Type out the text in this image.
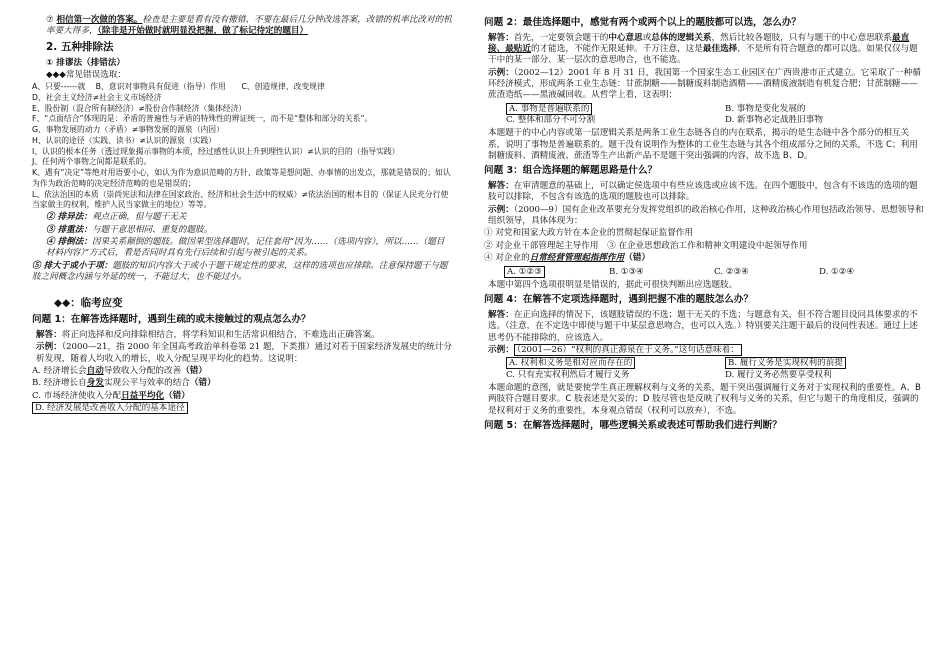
⑦ 相信第一次做的答案。检查是主要是看有没有搬错、不要在最后几分钟改选答案，改错的机率比改对的机率要大得多，（除非是开始做时就明显没把握，做了标记待定的题目）

2. 五种排除法

① 排谬法（排错法）

◆◆◆常见错误选取：

A、只要------就　 B、意识对事物具有促进（指导）作用　　C、创造规律、改变规律

D、社会主义经济≠社会主义市场经济

E、股份制（混合所有制经济）≠股份合作制经济（集体经济）

F、“点面结合”体现的是：矛盾的普遍性与矛盾的特殊性的辨证统一，而不是“整体和部分的关系”。

G、事物发展的动力（矛盾）≠事物发展的源泉（内因）

H、认识的途径（实践、读书）≠认识的源泉（实践）

I、认识的根本任务（透过现象揭示事物的本质，经过感性认识上升到理性认识）≠认识的目的（指导实践）

J、任何两个事物之间都是联系的。

K、遇有“决定”等绝对用语要小心，如认为作为意识范畴的方针、政策等是想问题、办事情的出发点，那就是错误的；如认为作为政治范畴的决定经济范畴的也是错误的；

L、依法治国的本质（崇尚宪法和法律在国家政治、经济和社会生活中的权威）≠依法治国的根本目的（保证人民充分行使当家做主的权利，维护人民当家做主的地位）等等。

② 排异法：观点正确，但与题干无关

③ 排重法：与题干意思相同、重复的题肢。

④ 排倒法：因果关系颠倒的题肢。做因果型选择题时，记住套用“因为……（选项内容），所以……（题目材料内容）”方式后，看是否同时具有先行后续和引起与被引起的关系。

⑤ 排大于或小于项：题肢的知识内容大于或小于题干规定性的要求，这样的选项也应排除。注意保持题干与题肢之间概念内涵与外延的统一，不能过大，也不能过小。

◆◆：临考应变

问题 1：在解答选择题时，遇到生疏的或未接触过的观点怎么办？

解答：将正向选择和反向排除相结合，将学科知识和生活常识相结合，不难选出正确答案。

示例：（2000—21，指 2000 年全国高考政治单科卷第 21 题，下类推）通过对若干国家经济发展史的统计分析发现，随着人均收入的增长，收入分配呈现平均化的趋势。这说明：

A. 经济增长会自动导致收入分配的改善（错）

B. 经济增长自身发实现公平与效率的结合（错）

C. 市场经济使收入分配日益平均化（错）

D. 经济发展是改善收入分配的基本途径

问题 2：最佳选择题中，感觉有两个或两个以上的题肢都可以选，怎么办？

解答：首先，一定要领会题干的中心意思或总体的逻辑关系，然后比较各题肢，只有与题干的中心意思联系最直接、最贴近的才能选，不能作无限延伸。千万注意，这是最佳选择，不是所有符合题意的都可以选。如果仅仅与题干中的某一部分、某一层次的意思吻合，也不能选。

示例：（2002—12）2001 年 8 月 31 日，我国第一个国家生态工业园区在广西贵港市正式建立。它采取了一种循环经济模式，形成两条工业生态链：甘蔗制糖——制糖废料制造酒精——酒精废液制造有机复合肥；甘蔗制糖——蔗渣造纸——黑液碱回收。从哲学上看，这表明：

A. 事物是普遍联系的	B. 事物是变化发展的
C. 整体和部分不可分割	D. 新事物必定战胜旧事物

本题题干的中心内容或第一层逻辑关系是两条工业生态链各自的内在联系，揭示的是生态链中各个部分的相互关系，说明了事物是普遍联系的。题干没有说明作为整体的工业生态链与其各个组成部分之间的关系，不选 C；利用制糖废料、酒精废液、蔗渣等生产出新产品不是题干突出强调的内容，故不选 B、D。

问题 3：组合选择题的解题思路是什么？

解答：在审清题意的基础上，可以确定侯选项中有些应该选或应该不选。在四个题肢中，包含有不该选的选项的题肢可以排除，不包含有该选的选项的题肢也可以排除。

示例：（2000—9）国有企业改革要充分发挥党组织的政治核心作用，这种政治核心作用包括政治领导、思想领导和组织领导，具体体现为：

① 对党和国家大政方针在本企业的贯彻起保证监督作用

② 对企业干部管理起主导作用　 ③ 在企业思想政治工作和精神文明建设中起领导作用

④ 对企业的日常经营管理起指挥作用（错）

A. ①②③	B. ①③④	C. ②③④	D. ①②④

本题中第四个选项很明显是错误的，据此可很快判断出应选题肢。

问题 4：在解答不定项选择题时，遇到把握不准的题肢怎么办？

解答：在正向选择的情况下，该题肢错误的不选；题干无关的不选；与题意有关，但不符合题目设问具体要求的不选。（注意，在不定选中即使与题干中某层意思吻合，也可以入选。）特别要关注题干最后的设问性表述。通过上述思考仍不能排除的，应该选入。

示例： （2001—26）“权利的真正源泉在于义务。”这句话意味着：

A. 权利和义务是相对应而存在的	B. 履行义务是实现权利的前提
C. 只有充实权利然后才履行义务	D. 履行义务必然要享受权利

本题命题的意图，就是要使学生真正理解权利与义务的关系，题干突出强调履行义务对于实现权利的重要性。A、B 两肢符合题目要求。C 肢表述是欠妥的；D 肢尽管也是反映了权利与义务的关系，但它与题干的角度相反，强调的是权利对于义务的重要性，本身观点错误（权利可以放弃），不选。

问题 5：在解答选择题时，哪些逻辑关系或表述可帮助我们进行判断？
